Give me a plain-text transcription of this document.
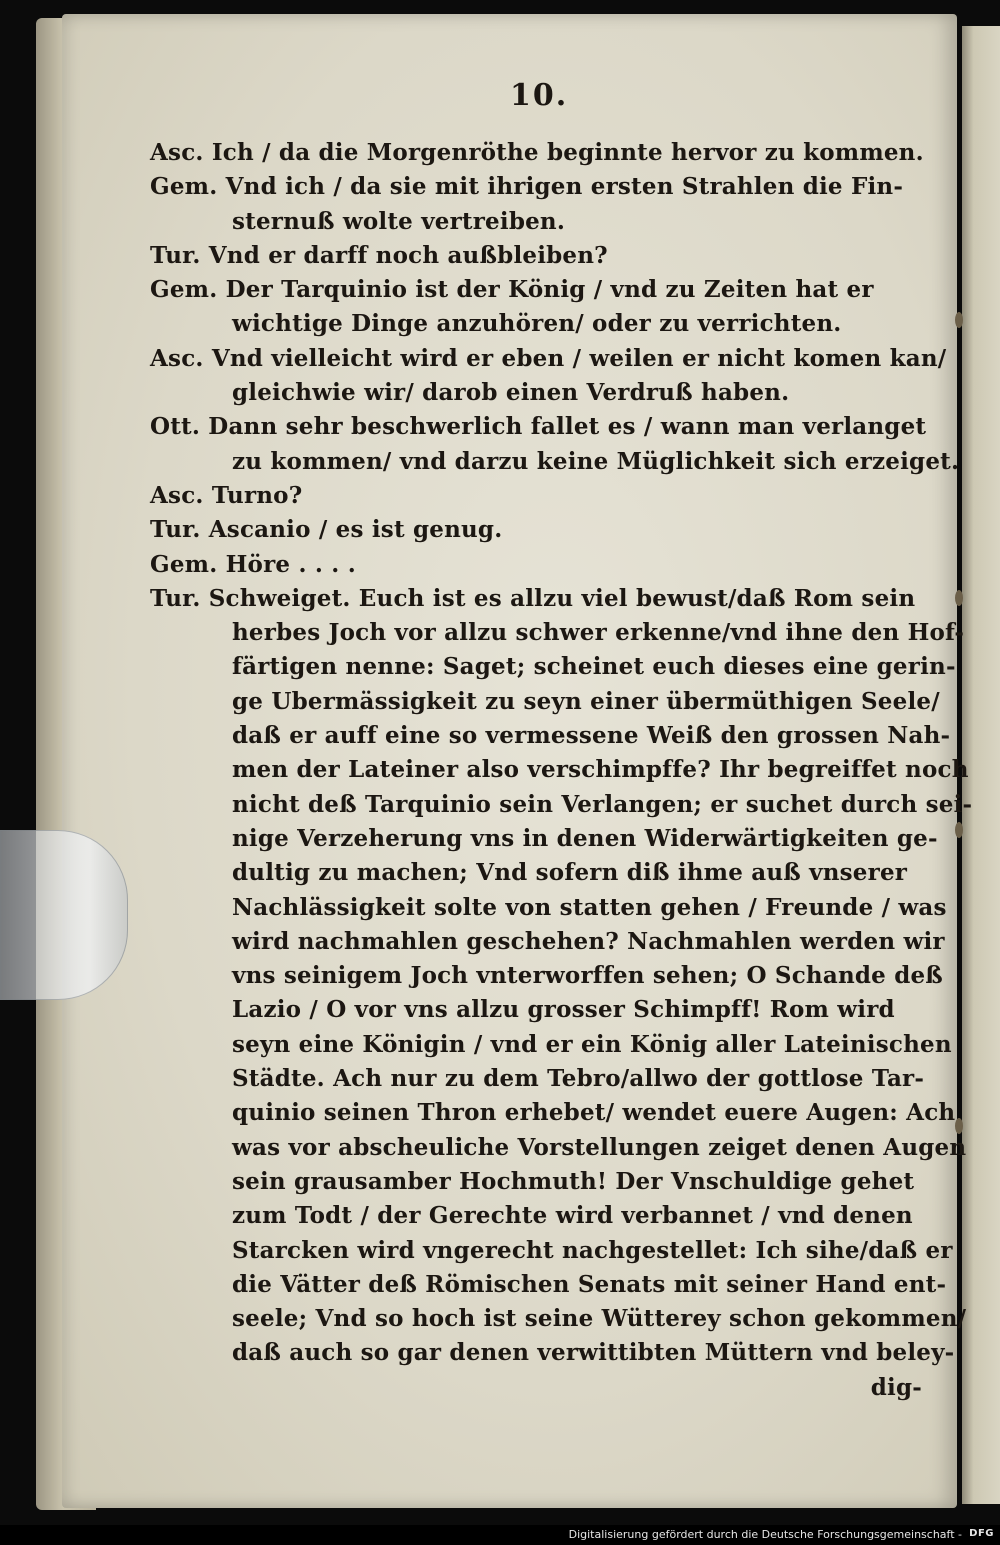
10.
Asc. Ich / da die Morgenröthe beginnte hervor zu kommen.
Gem. Vnd ich / da sie mit ihrigen ersten Strahlen die Fin-
sternuß wolte vertreiben.
Tur. Vnd er darff noch außbleiben?
Gem. Der Tarquinio ist der König / vnd zu Zeiten hat er
wichtige Dinge anzuhören/ oder zu verrichten.
Asc. Vnd vielleicht wird er eben / weilen er nicht komen kan/
gleichwie wir/ darob einen Verdruß haben.
Ott. Dann sehr beschwerlich fallet es / wann man verlanget
zu kommen/ vnd darzu keine Müglichkeit sich erzeiget.
Asc. Turno?
Tur. Ascanio / es ist genug.
Gem. Höre . . . .
Tur. Schweiget. Euch ist es allzu viel bewust/daß Rom sein
herbes Joch vor allzu schwer erkenne/vnd ihne den Hof-
färtigen nenne: Saget; scheinet euch dieses eine gerin-
ge Ubermässigkeit zu seyn einer übermüthigen Seele/
daß er auff eine so vermessene Weiß den grossen Nah-
men der Lateiner also verschimpffe? Ihr begreiffet noch
nicht deß Tarquinio sein Verlangen; er suchet durch sei-
nige Verzeherung vns in denen Widerwärtigkeiten ge-
dultig zu machen; Vnd sofern diß ihme auß vnserer
Nachlässigkeit solte von statten gehen / Freunde / was
wird nachmahlen geschehen? Nachmahlen werden wir
vns seinigem Joch vnterworffen sehen; O Schande deß
Lazio / O vor vns allzu grosser Schimpff! Rom wird
seyn eine Königin / vnd er ein König aller Lateinischen
Städte. Ach nur zu dem Tebro/allwo der gottlose Tar-
quinio seinen Thron erhebet/ wendet euere Augen: Ach
was vor abscheuliche Vorstellungen zeiget denen Augen
sein grausamber Hochmuth! Der Vnschuldige gehet
zum Todt / der Gerechte wird verbannet / vnd denen
Starcken wird vngerecht nachgestellet: Ich sihe/daß er
die Vätter deß Römischen Senats mit seiner Hand ent-
seele; Vnd so hoch ist seine Wütterey schon gekommen/
daß auch so gar denen verwittibten Müttern vnd beley-
dig-
Digitalisierung gefördert durch die Deutsche Forschungsgemeinschaft - DFG
